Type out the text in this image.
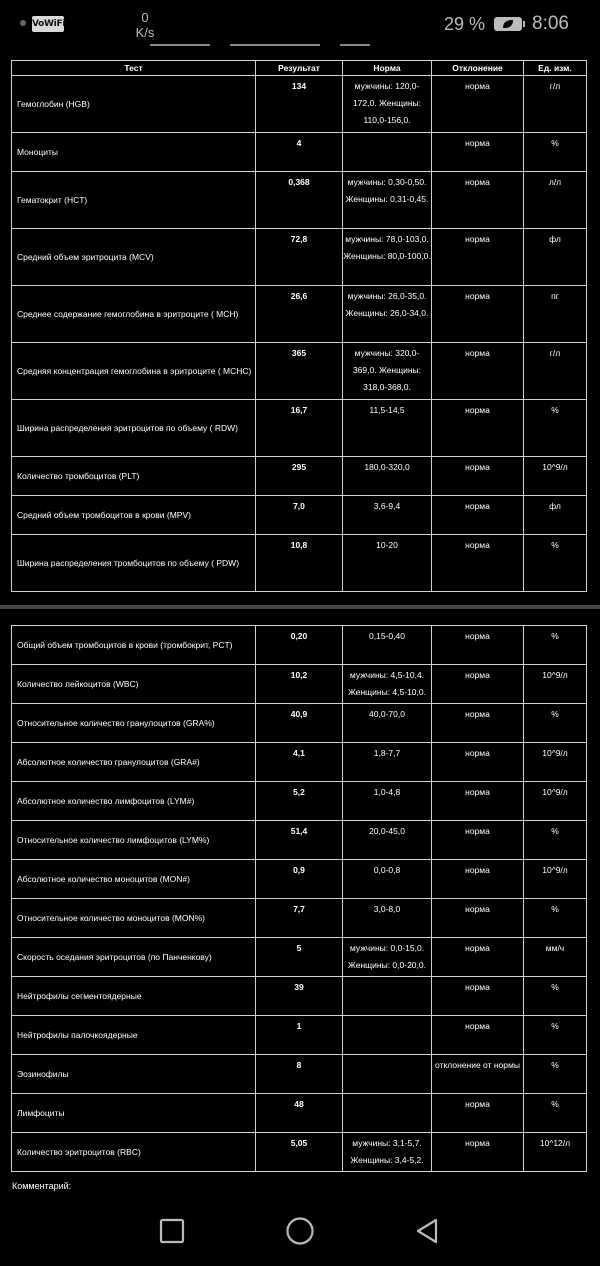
VoWiFi	0
K/s	29 % 8:06
Тест	Результат	Норма	Отклонение	Ед. изм.
Гемоглобин (HGB)	134	мужчины: 120,0-172,0. Женщины: 110,0-156,0.	норма	г/л
Моноциты	4		норма	%
Гематокрит (HCT)	0,368	мужчины: 0,30-0,50. Женщины: 0,31-0,45.	норма	л/л
Средний объем эритроцита (MCV)	72,8	мужчины: 78,0-103,0. Женщины: 80,0-100,0.	норма	фл
Среднее содержание гемоглобина в эритроците ( MCH)	26,6	мужчины: 26,0-35,0. Женщины: 26,0-34,0.	норма	пг
Средняя концентрация гемоглобина в эритроците ( MCHC)	365	мужчины: 320,0-369,0. Женщины: 318,0-368,0.	норма	г/л
Ширина распределения эритроцитов по объему ( RDW)	16,7	11,5-14,5	норма	%
Количество тромбоцитов (PLT)	295	180,0-320,0	норма	10^9/л
Средний объем тромбоцитов в крови (MPV)	7,0	3,6-9,4	норма	фл
Ширина распределения тромбоцитов по объему ( PDW)	10,8	10-20	норма	%
Общий объем тромбоцитов в крови (тромбокрит, PCT)	0,20	0,15-0,40	норма	%
Количество лейкоцитов (WBC)	10,2	мужчины: 4,5-10,4. Женщины: 4,5-10,0.	норма	10^9/л
Относительное количество гранулоцитов (GRA%)	40,9	40,0-70,0	норма	%
Абсолютное количество гранулоцитов (GRA#)	4,1	1,8-7,7	норма	10^9/л
Абсолютное количество лимфоцитов (LYM#)	5,2	1,0-4,8	норма	10^9/л
Относительное количество лимфоцитов (LYM%)	51,4	20,0-45,0	норма	%
Абсолютное количество моноцитов (MON#)	0,9	0,0-0,8	норма	10^9/л
Относительное количество моноцитов (MON%)	7,7	3,0-8,0	норма	%
Скорость оседания эритроцитов (по Панченкову)	5	мужчины: 0,0-15,0. Женщины: 0,0-20,0.	норма	мм/ч
Нейтрофилы сегментоядерные	39		норма	%
Нейтрофилы палочкоядерные	1		норма	%
Эозинофилы	8		отклонение от нормы	%
Лимфоциты	48		норма	%
Количество эритроцитов (RBC)	5,05	мужчины: 3,1-5,7. Женщины: 3,4-5,2.	норма	10^12/л
Комментарий:
